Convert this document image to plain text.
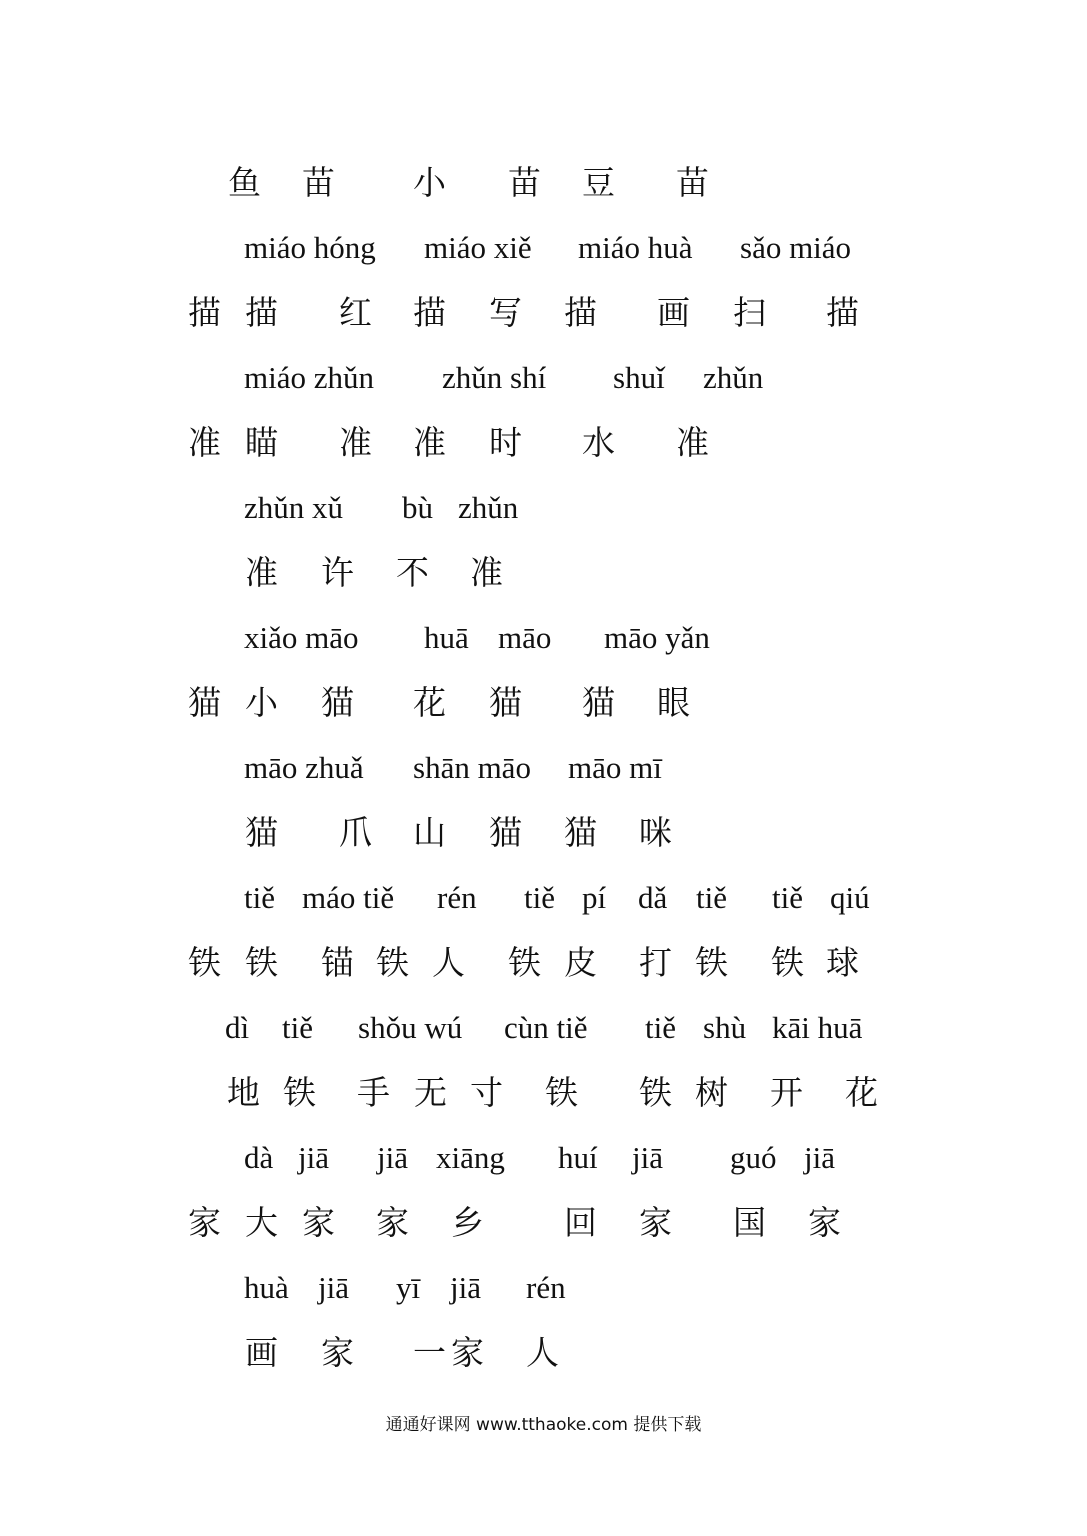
鱼 苗 小 苗 豆 苗
miáo hóng miáo xiě miáo huà sǎo miáo
描 描 红 描 写 描 画 扫 描
miáo zhǔn zhǔn shí shuǐ zhǔn
准 瞄 准 准 时 水 准
zhǔn xǔ bù zhǔn
准 许 不 准
xiǎo māo huā māo māo yǎn
猫 小 猫 花 猫 猫 眼
māo zhuǎ shān māo māo mī
猫 爪 山 猫 猫 咪
tiě máo tiě rén tiě pí dǎ tiě tiě qiú
铁 铁 锚 铁 人 铁 皮 打 铁 铁 球
dì tiě shǒu wú cùn tiě tiě shù kāi huā
地 铁 手 无 寸 铁 铁 树 开 花
dà jiā jiā xiāng huí jiā guó jiā
家 大 家 家 乡 回 家 国 家
huà jiā yī jiā rén
画 家 一 家 人
通通好课网 www.tthaoke.com 提供下载
